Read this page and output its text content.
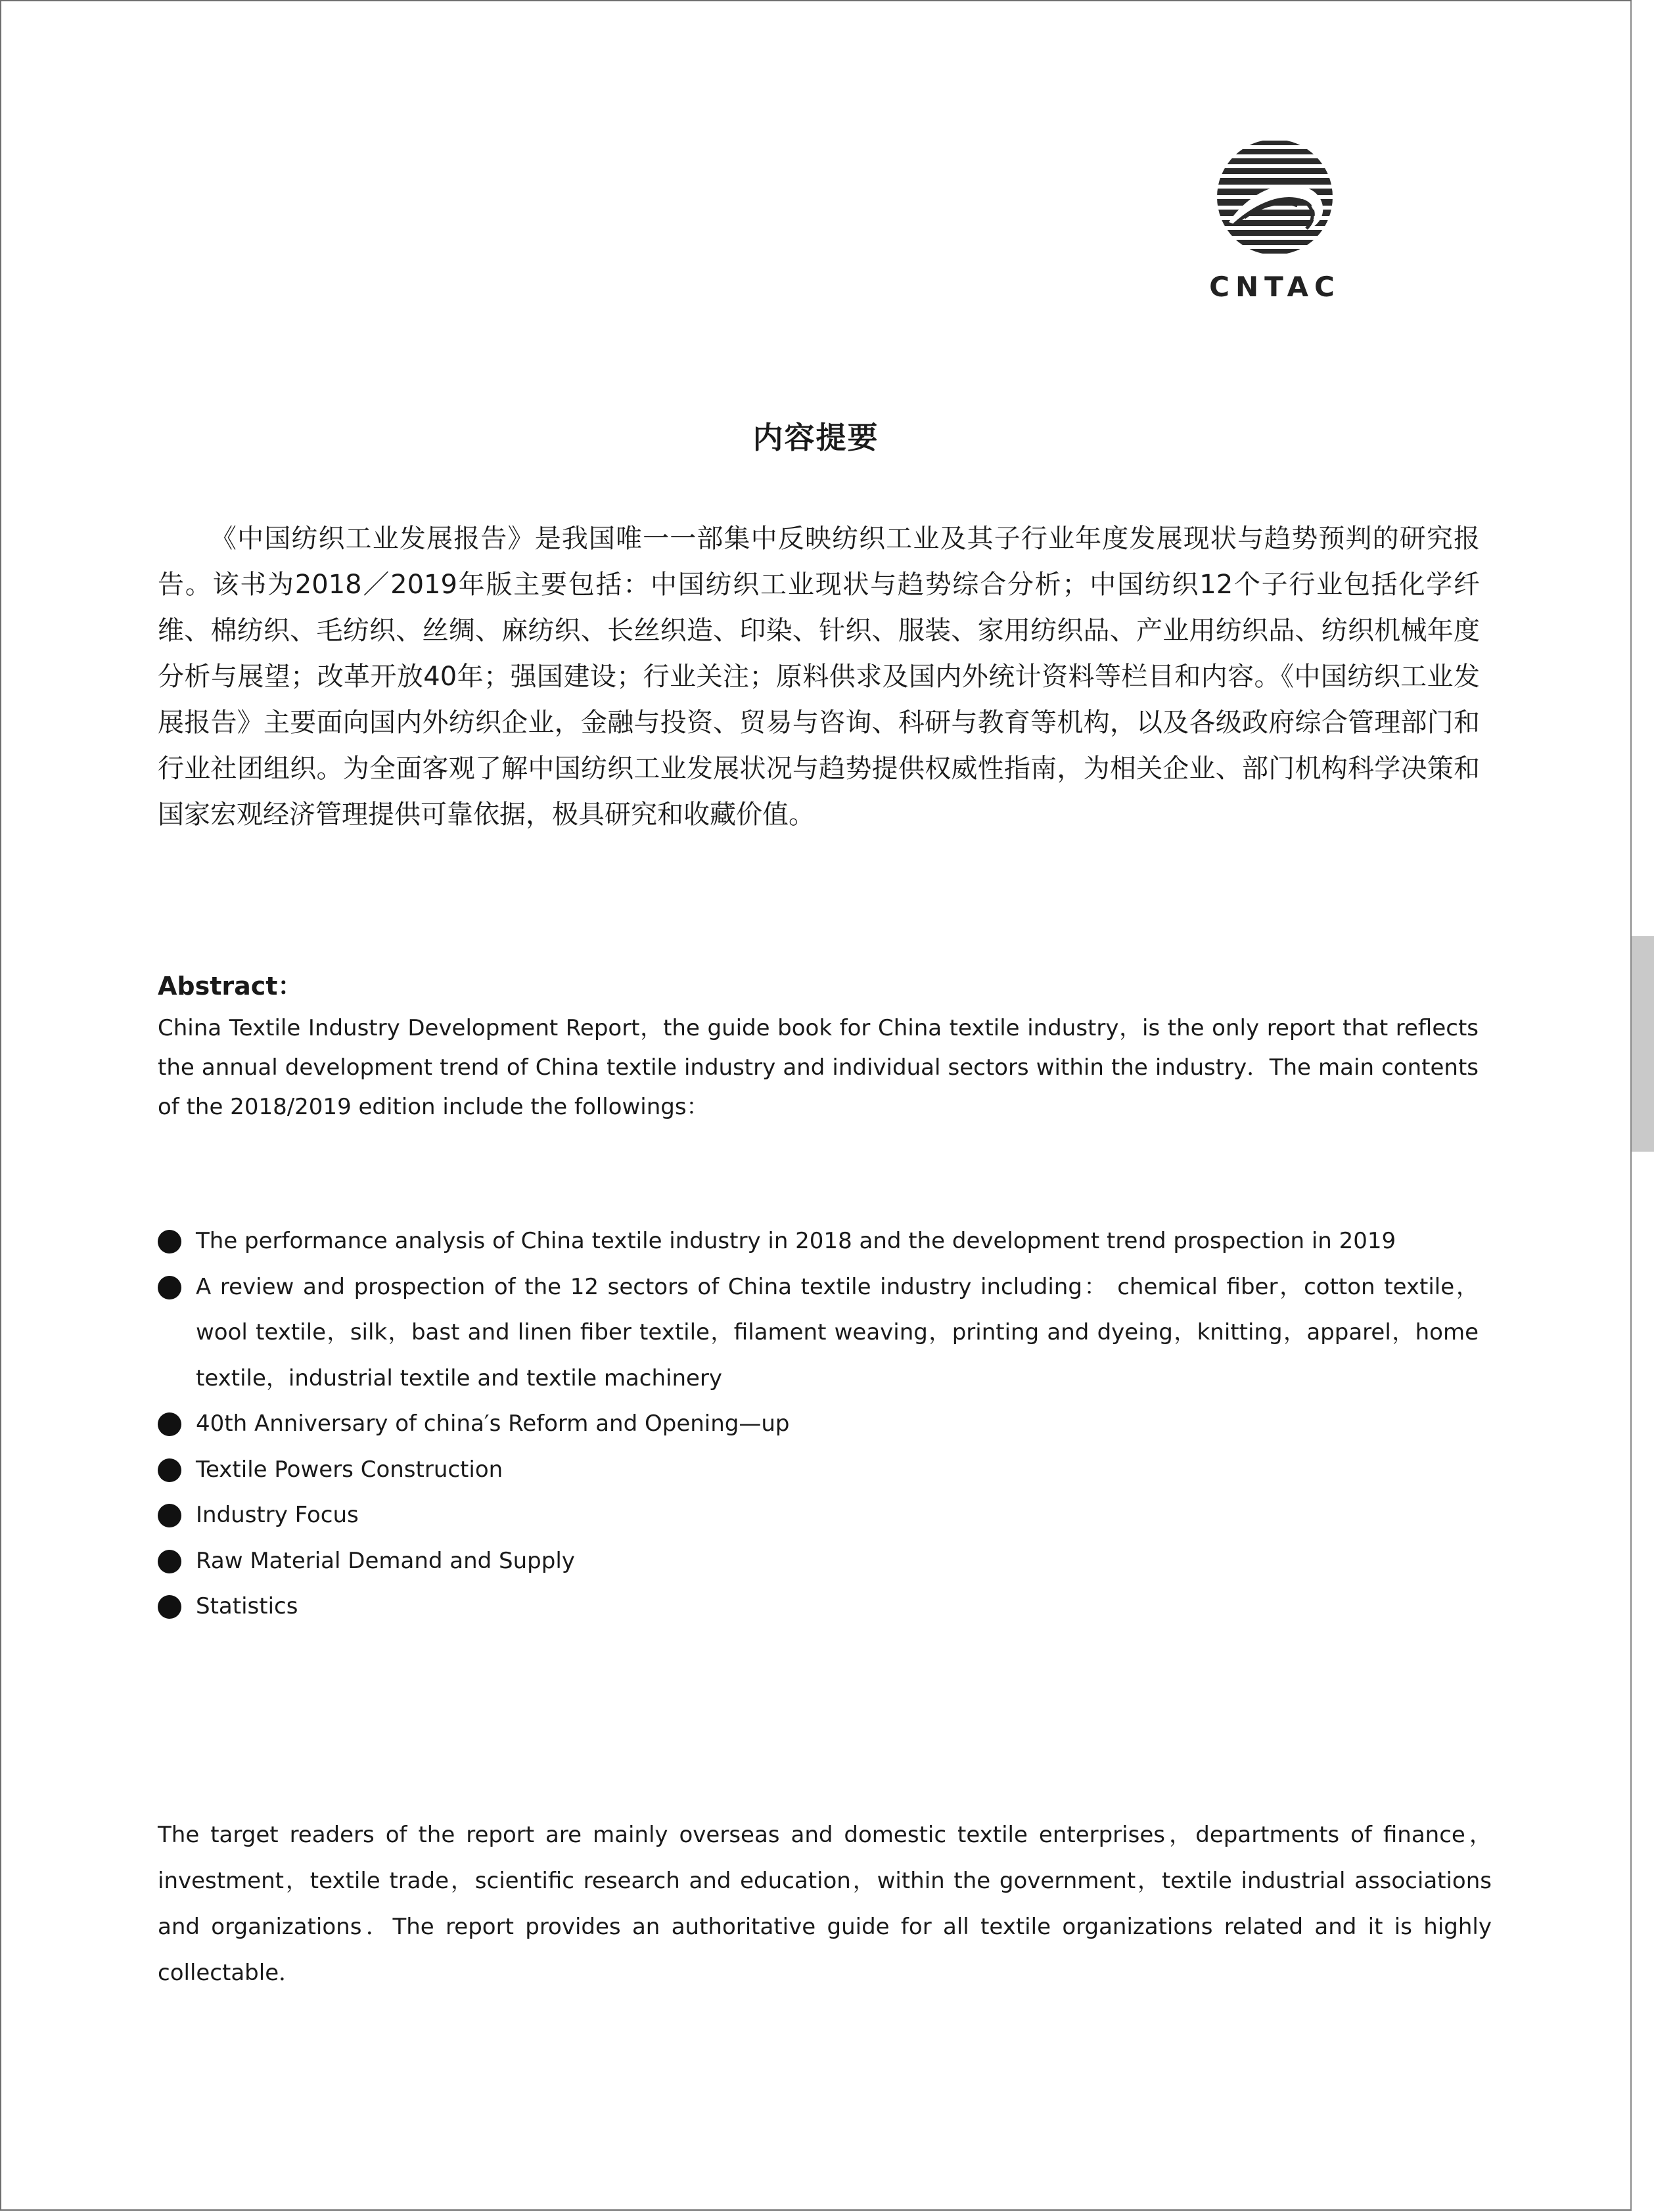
CNTAC
内容提要

《中国纺织工业发展报告》是我国唯一一部集中反映纺织工业及其子行业年度发展现状与趋势预判的研究报告。该书为2018／2019年版主要包括：中国纺织工业现状与趋势综合分析；中国纺织12个子行业包括化学纤维、棉纺织、毛纺织、丝绸、麻纺织、长丝织造、印染、针织、服装、家用纺织品、产业用纺织品、纺织机械年度分析与展望；改革开放40年；强国建设；行业关注；原料供求及国内外统计资料等栏目和内容。《中国纺织工业发展报告》主要面向国内外纺织企业，金融与投资、贸易与咨询、科研与教育等机构，以及各级政府综合管理部门和行业社团组织。为全面客观了解中国纺织工业发展状况与趋势提供权威性指南，为相关企业、部门机构科学决策和国家宏观经济管理提供可靠依据，极具研究和收藏价值。

Abstract：

China Textile Industry Development Report，the guide book for China textile industry，is the only report that reflects the annual development trend of China textile industry and individual sectors within the industry．The main contents of the 2018/2019 edition include the followings：

The performance analysis of China textile industry in 2018 and the development trend prospection in 2019
A review and prospection of the 12 sectors of China textile industry including： chemical fiber，cotton textile，wool textile，silk，bast and linen fiber textile，filament weaving，printing and dyeing，knitting，apparel，home textile，industrial textile and textile machinery
40th Anniversary of china′s Reform and Opening—up
Textile Powers Construction
Industry Focus
Raw Material Demand and Supply
Statistics

The target readers of the report are mainly overseas and domestic textile enterprises，departments of finance，investment，textile trade，scientific research and education，within the government，textile industrial associations and organizations．The report provides an authoritative guide for all textile organizations related and it is highly collectable．
